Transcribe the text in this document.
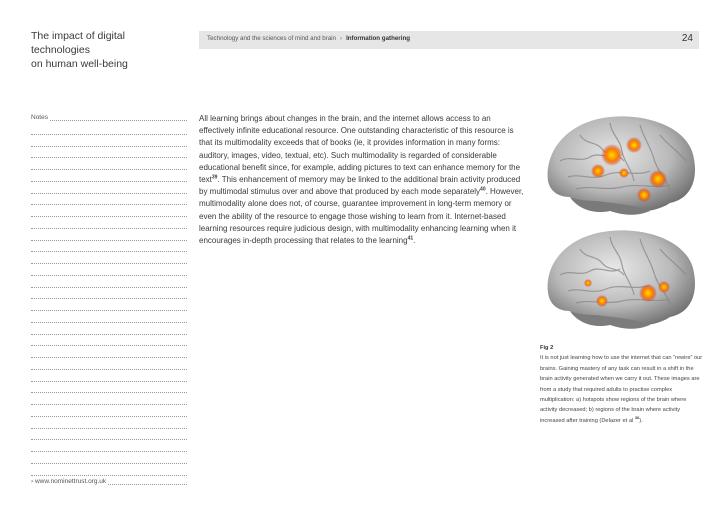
The impact of digital technologies
on human well-being
Technology and the sciences of mind and brain › Information gathering	24
Notes
› www.nominettrust.org.uk
All learning brings about changes in the brain, and the internet allows access to an effectively infinite educational resource. One outstanding characteristic of this resource is that its multimodality exceeds that of books (ie, it provides information in many forms: auditory, images, video, textual, etc). Such multimodality is regarded of considerable educational benefit since, for example, adding pictures to text can enhance memory for the text$^{39}$. This enhancement of memory may be linked to the additional brain activity produced by multimodal stimulus over and above that produced by each mode separately$^{40}$. However, multimodality alone does not, of course, guarantee improvement in long-term memory or even the ability of the resource to engage those wishing to learn from it. Internet-based learning resources require judicious design, with multimodality enhancing learning when it encourages in-depth processing that relates to the learning$^{41}$.
Fig 2
It is not just learning how to use the internet that can “rewire” our brains. Gaining mastery of any task can result in a shift in the brain activity generated when we carry it out. These images are from a study that required adults to practise complex multiplication: a) hotspots show regions of the brain where activity decreased; b) regions of the brain where activity increased after training (Delazer et al $^{36}$).
